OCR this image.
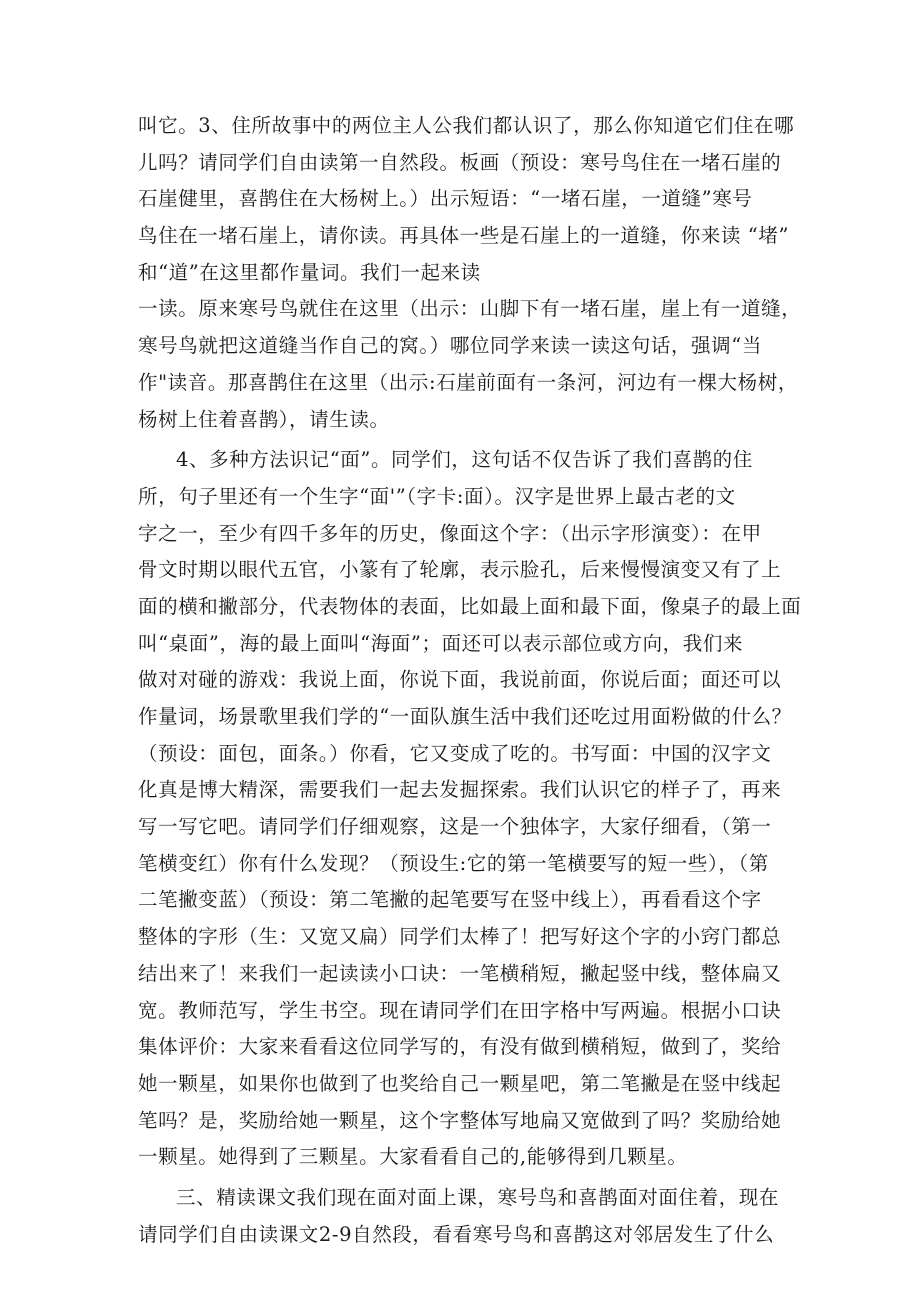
叫它。3、住所故事中的两位主人公我们都认识了，那么你知道它们住在哪
儿吗？请同学们自由读第一自然段。板画（预设：寒号鸟住在一堵石崖的
石崖健里，喜鹊住在大杨树上。）出示短语：“一堵石崖，一道缝”寒号
鸟住在一堵石崖上，请你读。再具体一些是石崖上的一道缝，你来读 “堵”
和“道”在这里都作量词。我们一起来读
一读。原来寒号鸟就住在这里（出示：山脚下有一堵石崖，崖上有一道缝，
寒号鸟就把这道缝当作自己的窝。）哪位同学来读一读这句话，强调“当
作"读音。那喜鹊住在这里（出示:石崖前面有一条河，河边有一棵大杨树，
杨树上住着喜鹊），请生读。
4、多种方法识记“面”。同学们，这句话不仅告诉了我们喜鹊的住
所，句子里还有一个生字“面'”（字卡:面）。汉字是世界上最古老的文
字之一，至少有四千多年的历史，像面这个字：（出示字形演变）：在甲
骨文时期以眼代五官，小篆有了轮廓，表示脸孔，后来慢慢演变又有了上
面的横和撇部分，代表物体的表面，比如最上面和最下面，像桌子的最上面
叫“桌面”，海的最上面叫“海面”；面还可以表示部位或方向，我们来
做对对碰的游戏：我说上面，你说下面，我说前面，你说后面；面还可以
作量词，场景歌里我们学的“一面队旗生活中我们还吃过用面粉做的什么？
（预设：面包，面条。）你看，它又变成了吃的。书写面：中国的汉字文
化真是博大精深，需要我们一起去发掘探索。我们认识它的样子了，再来
写一写它吧。请同学们仔细观察，这是一个独体字，大家仔细看，（第一
笔横变红）你有什么发现？（预设生:它的第一笔横要写的短一些），（第
二笔撇变蓝）（预设：第二笔撇的起笔要写在竖中线上），再看看这个字
整体的字形（生：又宽又扁）同学们太棒了！把写好这个字的小窍门都总
结出来了！来我们一起读读小口诀：一笔横稍短，撇起竖中线，整体扁又
宽。教师范写，学生书空。现在请同学们在田字格中写两遍。根据小口诀
集体评价：大家来看看这位同学写的，有没有做到横稍短，做到了，奖给
她一颗星，如果你也做到了也奖给自己一颗星吧，第二笔撇是在竖中线起
笔吗？是，奖励给她一颗星，这个字整体写地扁又宽做到了吗？奖励给她
一颗星。她得到了三颗星。大家看看自己的,能够得到几颗星。
三、精读课文我们现在面对面上课，寒号鸟和喜鹊面对面住着，现在
请同学们自由读课文2-9自然段，看看寒号鸟和喜鹊这对邻居发生了什么
